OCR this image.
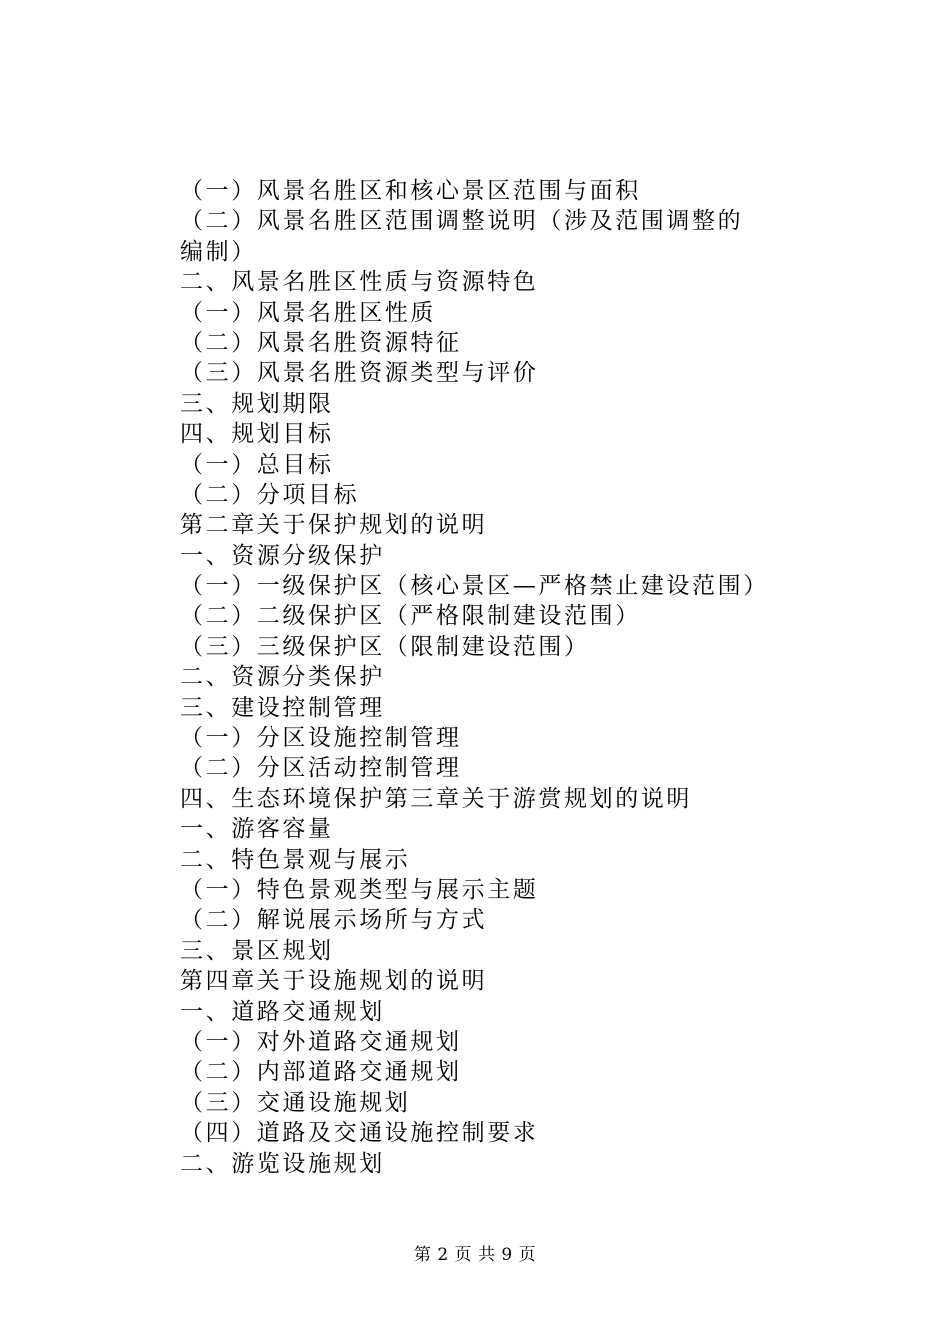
（一）风景名胜区和核心景区范围与面积
（二）风景名胜区范围调整说明（涉及范围调整的
编制）
二、风景名胜区性质与资源特色
（一）风景名胜区性质
（二）风景名胜资源特征
（三）风景名胜资源类型与评价
三、规划期限
四、规划目标
（一）总目标
（二）分项目标
第二章关于保护规划的说明
一、资源分级保护
（一）一级保护区（核心景区—严格禁止建设范围）
（二）二级保护区（严格限制建设范围）
（三）三级保护区（限制建设范围）
二、资源分类保护
三、建设控制管理
（一）分区设施控制管理
（二）分区活动控制管理
四、生态环境保护第三章关于游赏规划的说明
一、游客容量
二、特色景观与展示
（一）特色景观类型与展示主题
（二）解说展示场所与方式
三、景区规划
第四章关于设施规划的说明
一、道路交通规划
（一）对外道路交通规划
（二）内部道路交通规划
（三）交通设施规划
（四）道路及交通设施控制要求
二、游览设施规划
第 2 页 共 9 页
